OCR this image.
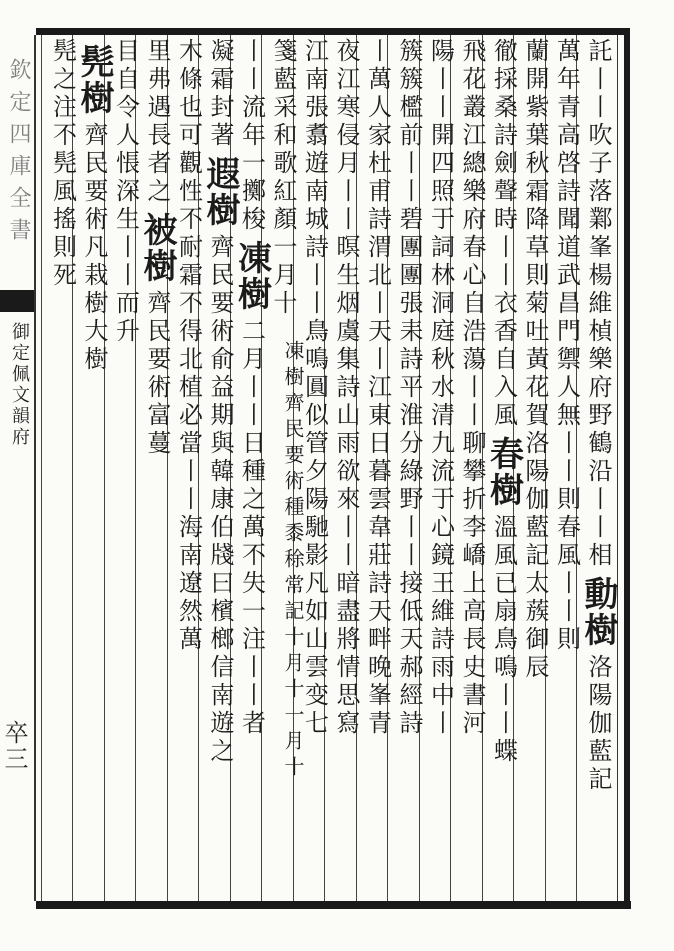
欽定四庫全書
御定佩文韻府
卒三
託丨丨吹子落鄴峯楊維楨樂府野鶴沿丨丨相
動樹
洛陽伽藍記
萬年青高啓詩聞道武昌門禦人無丨丨則
春風丨丨則
蘭開紫葉秋霜降草則菊吐黃花賀
洛陽伽藍記太蔟御辰
徹採桑詩劍聲時丨丨衣香自入風
春樹
溫風已扇鳥鳴丨丨蝶
飛花叢江總樂府春心自浩蕩丨丨聊攀折李嶠上高長史書河
陽丨丨開四照于詞林洞庭秋水清九流于心鏡王維詩雨中丨
簇簇檻前丨丨碧團團張耒詩平淮分綠野丨丨接低天郝經詩
丨萬人家杜甫詩渭北丨天丨江東日暮雲韋莊詩天畔晚峯青
夜江寒侵月丨丨暝生烟虞集詩山雨欲來丨丨暗盡將情思寫
江南張翥遊南城詩丨丨鳥鳴圓似管夕陽馳影凡如山雲变七
箋藍采和歌紅顏一
月十
丨丨流年一擲梭
凍樹
二月丨丨日種之萬不失一注丨丨者
凝霜封著
遐樹
齊民要術俞益期與韓康伯牋曰檳榔信南遊之
木條也
可觀性不耐霜不得北植必當丨丨海南遼然萬
里弗遇長者之
被樹
齊民要術富蔓
目自令人悵深
生丨丨而升
髡樹
齊民要術凡栽樹大樹
髡之注不髡風搖則死
凍樹齊民要術種黍稌常記十月十一月十
